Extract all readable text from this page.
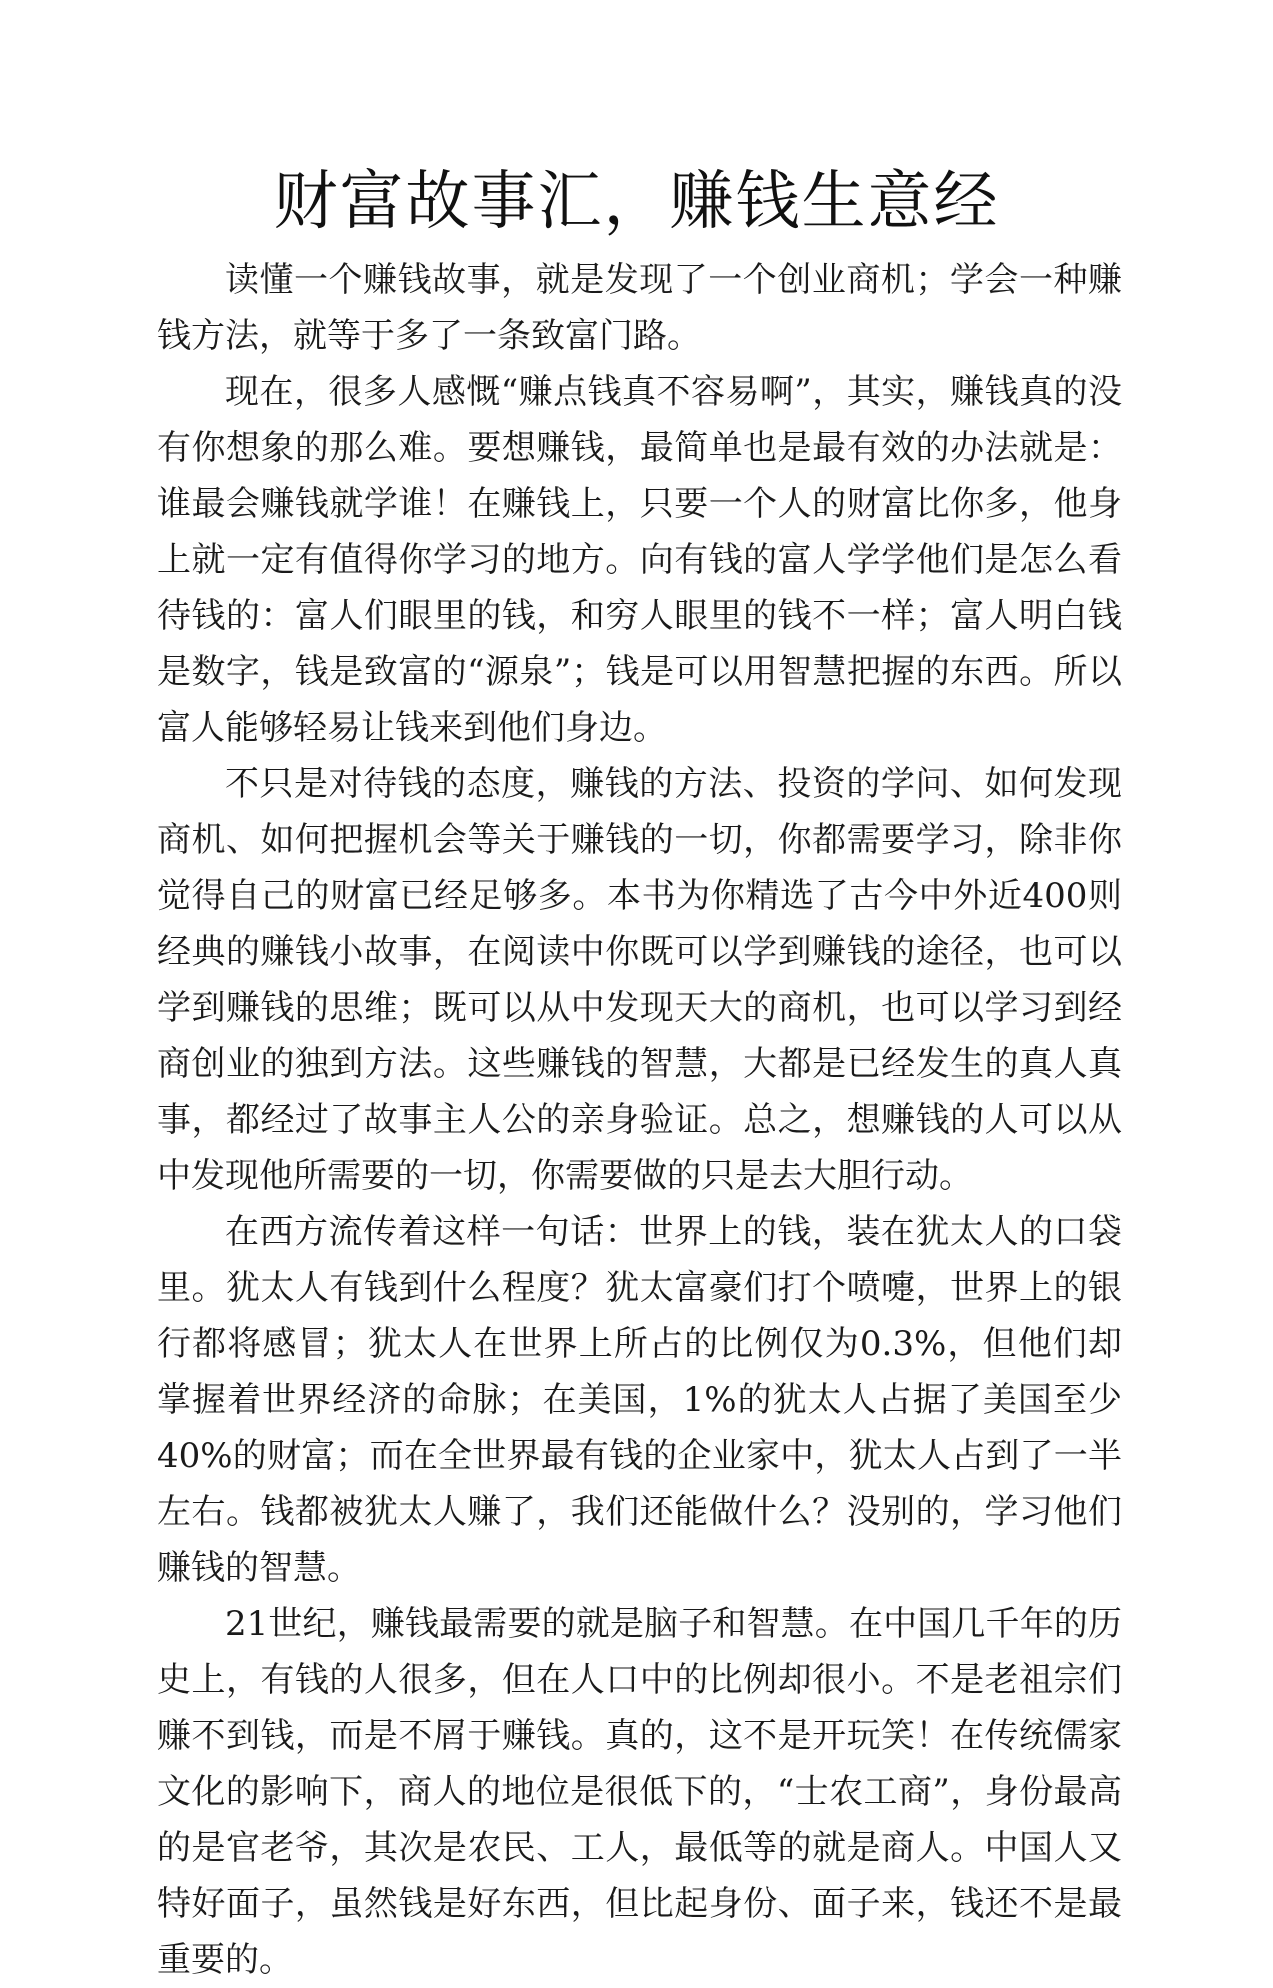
财富故事汇，赚钱生意经

读懂一个赚钱故事，就是发现了一个创业商机；学会一种赚钱方法，就等于多了一条致富门路。

现在，很多人感慨“赚点钱真不容易啊”，其实，赚钱真的没有你想象的那么难。要想赚钱，最简单也是最有效的办法就是：谁最会赚钱就学谁！在赚钱上，只要一个人的财富比你多，他身上就一定有值得你学习的地方。向有钱的富人学学他们是怎么看待钱的：富人们眼里的钱，和穷人眼里的钱不一样；富人明白钱是数字，钱是致富的“源泉”；钱是可以用智慧把握的东西。所以富人能够轻易让钱来到他们身边。

不只是对待钱的态度，赚钱的方法、投资的学问、如何发现商机、如何把握机会等关于赚钱的一切，你都需要学习，除非你觉得自己的财富已经足够多。本书为你精选了古今中外近400则经典的赚钱小故事，在阅读中你既可以学到赚钱的途径，也可以学到赚钱的思维；既可以从中发现天大的商机，也可以学习到经商创业的独到方法。这些赚钱的智慧，大都是已经发生的真人真事，都经过了故事主人公的亲身验证。总之，想赚钱的人可以从中发现他所需要的一切，你需要做的只是去大胆行动。

在西方流传着这样一句话：世界上的钱，装在犹太人的口袋里。犹太人有钱到什么程度？犹太富豪们打个喷嚏，世界上的银行都将感冒；犹太人在世界上所占的比例仅为0.3%，但他们却掌握着世界经济的命脉；在美国，1%的犹太人占据了美国至少40%的财富；而在全世界最有钱的企业家中，犹太人占到了一半左右。钱都被犹太人赚了，我们还能做什么？没别的，学习他们赚钱的智慧。

21世纪，赚钱最需要的就是脑子和智慧。在中国几千年的历史上，有钱的人很多，但在人口中的比例却很小。不是老祖宗们赚不到钱，而是不屑于赚钱。真的，这不是开玩笑！在传统儒家文化的影响下，商人的地位是很低下的，“士农工商”，身份最高的是官老爷，其次是农民、工人，最低等的就是商人。中国人又特好面子，虽然钱是好东西，但比起身份、面子来，钱还不是最重要的。
